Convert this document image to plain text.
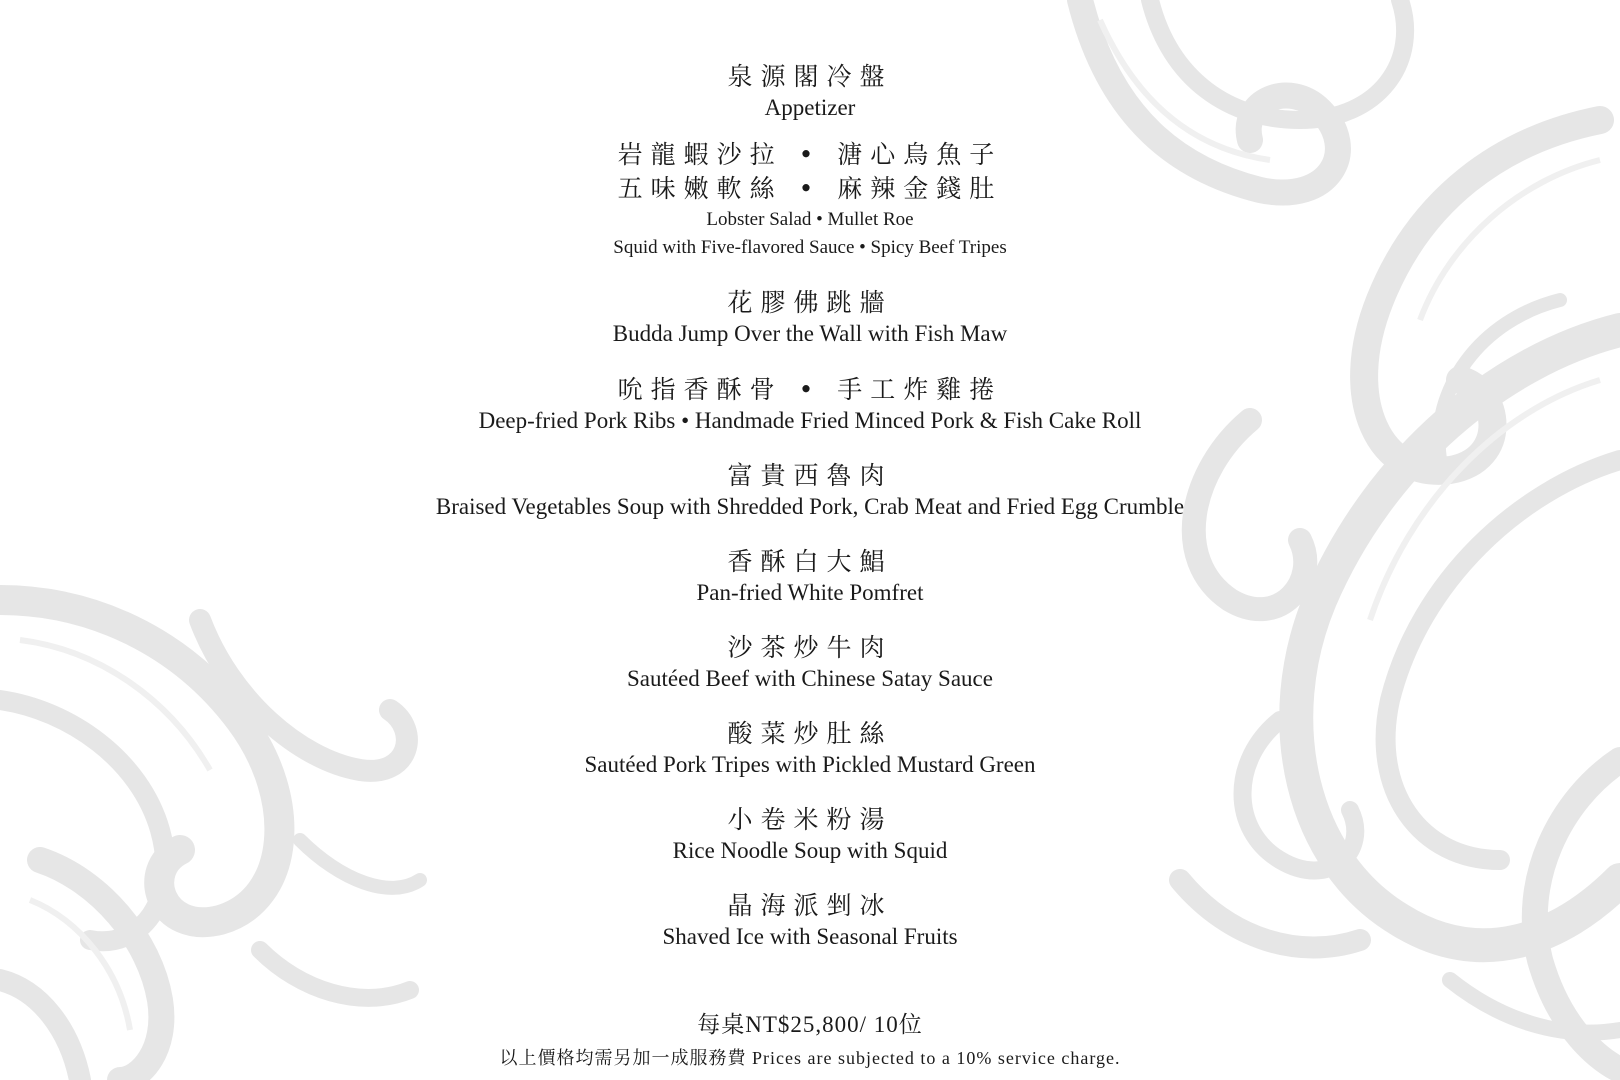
泉源閣冷盤
Appetizer
岩龍蝦沙拉 • 溏心烏魚子
五味嫩軟絲 • 麻辣金錢肚
Lobster Salad • Mullet Roe
Squid with Five-flavored Sauce • Spicy Beef Tripes
花膠佛跳牆
Budda Jump Over the Wall with Fish Maw
吮指香酥骨 • 手工炸雞捲
Deep-fried Pork Ribs • Handmade Fried Minced Pork & Fish Cake Roll
富貴西魯肉
Braised Vegetables Soup with Shredded Pork, Crab Meat and Fried Egg Crumble
香酥白大鯧
Pan-fried White Pomfret
沙茶炒牛肉
Sautéed Beef with Chinese Satay Sauce
酸菜炒肚絲
Sautéed Pork Tripes with Pickled Mustard Green
小卷米粉湯
Rice Noodle Soup with Squid
晶海派剉冰
Shaved Ice with Seasonal Fruits
每桌NT$25,800/ 10位
以上價格均需另加一成服務費 Prices are subjected to a 10% service charge.
